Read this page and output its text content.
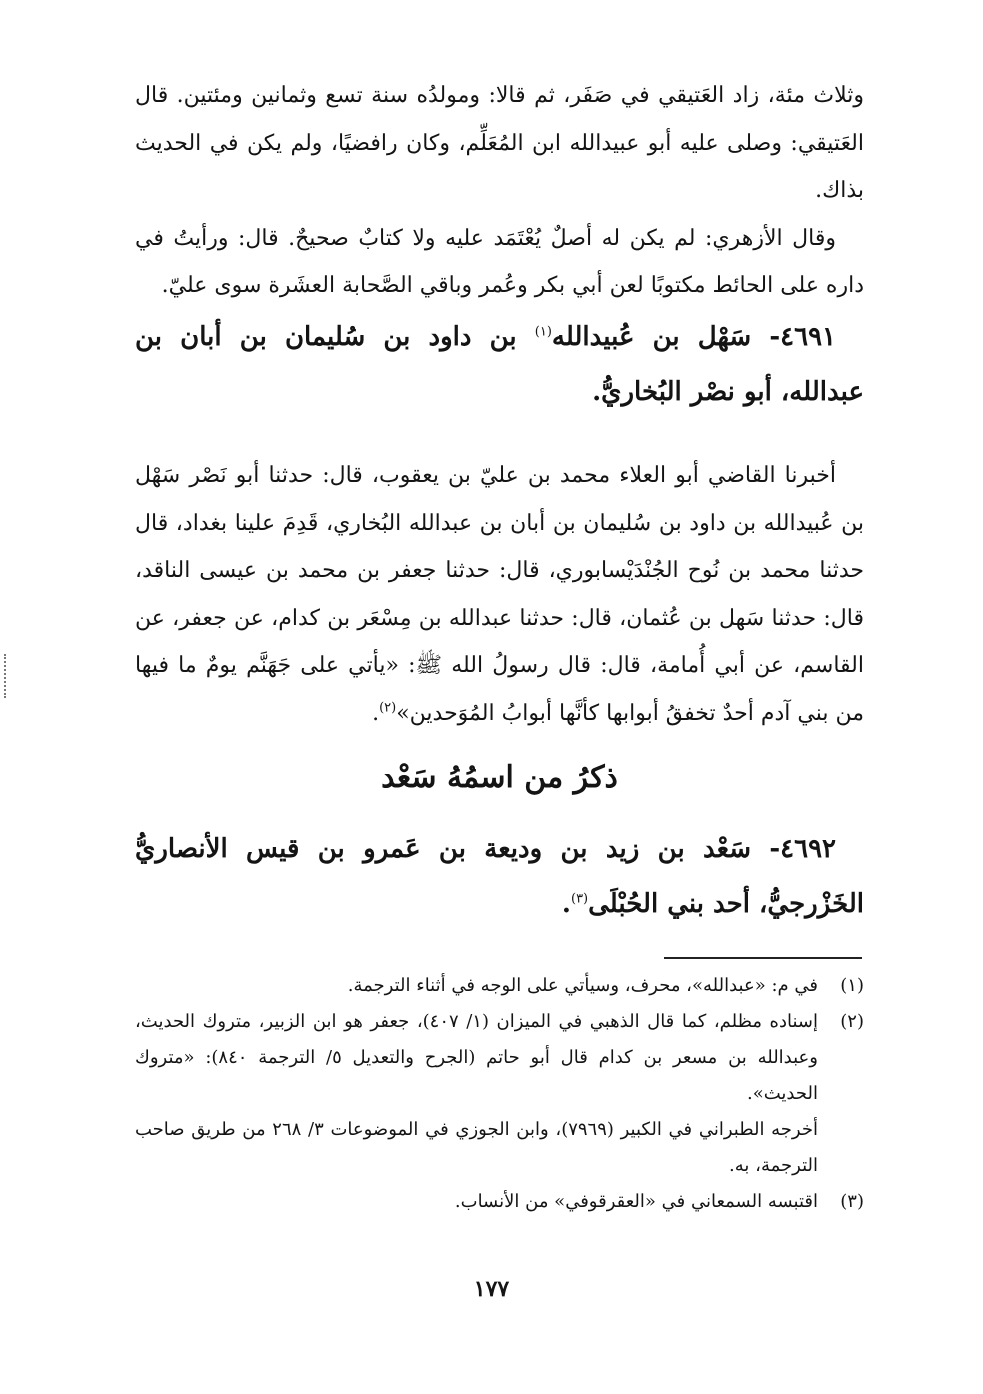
وثلاث مئة، زاد العَتيقي في صَفَر، ثم قالا: ومولدُه سنة تسع وثمانين ومئتين. قال العَتيقي: وصلى عليه أبو عبيدالله ابن المُعَلِّم، وكان رافضيًا، ولم يكن في الحديث بذاك.

وقال الأزهري: لم يكن له أصلٌ يُعْتَمَد عليه ولا كتابٌ صحيحٌ. قال: ورأيتُ في داره على الحائط مكتوبًا لعن أبي بكر وعُمر وباقي الصَّحابة العشَرة سوى عليّ.

٤٦٩١- سَهْل بن عُبيدالله$^{(١)}$ بن داود بن سُليمان بن أبان بن عبدالله، أبو نصْر البُخاريُّ.

أخبرنا القاضي أبو العلاء محمد بن عليّ بن يعقوب، قال: حدثنا أبو نَصْر سَهْل بن عُبيدالله بن داود بن سُليمان بن أبان بن عبدالله البُخاري، قَدِمَ علينا بغداد، قال حدثنا محمد بن نُوح الجُنْدَيْسابوري، قال: حدثنا جعفر بن محمد بن عيسى الناقد، قال: حدثنا سَهل بن عُثمان، قال: حدثنا عبدالله بن مِسْعَر بن كدام، عن جعفر، عن القاسم، عن أبي أُمامة، قال: قال رسولُ الله ﷺ: «يأتي على جَهَنَّم يومٌ ما فيها من بني آدم أحدٌ تخفقُ أبوابها كأنَّها أبوابُ المُوَحدين»$^{(٢)}$.

ذكرُ من اسمُهُ سَعْد

٤٦٩٢- سَعْد بن زيد بن وديعة بن عَمرو بن قيس الأنصاريُّ الخَزْرجيُّ، أحد بني الحُبْلَى$^{(٣)}$.

(١)
في م: «عبدالله»، محرف، وسيأتي على الوجه في أثناء الترجمة.

(٢)
إسناده مظلم، كما قال الذهبي في الميزان (١/ ٤٠٧)، جعفر هو ابن الزبير، متروك الحديث، وعبدالله بن مسعر بن كدام قال أبو حاتم (الجرح والتعديل ٥/ الترجمة ٨٤٠): «متروك الحديث».

أخرجه الطبراني في الكبير (٧٩٦٩)، وابن الجوزي في الموضوعات ٣/ ٢٦٨ من طريق صاحب الترجمة، به.

(٣)
اقتبسه السمعاني في «العقرقوفي» من الأنساب.

١٧٧
